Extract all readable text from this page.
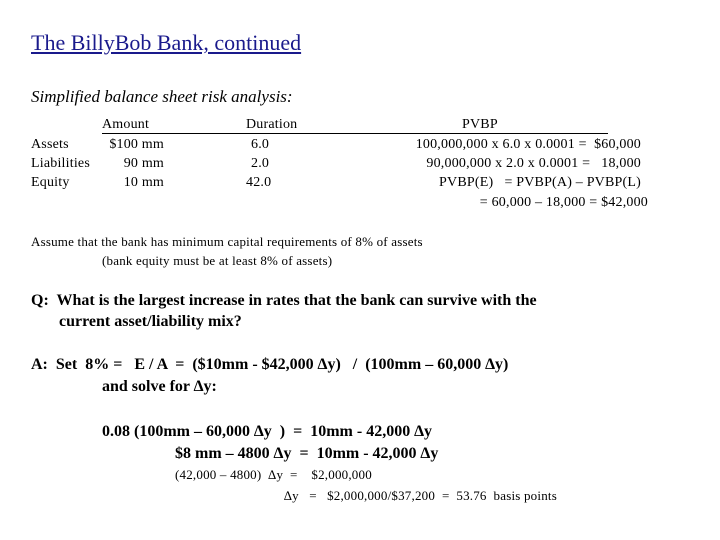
The BillyBob Bank, continued
Simplified balance sheet risk analysis:
Amount	Duration	PVBP
Assets
Liabilities
Equity
$100 mm
90 mm
10 mm
6.0
2.0
42.0
100,000,000 x 6.0 x 0.0001 =  $60,000
90,000,000 x 2.0 x 0.0001 =   18,000
PVBP(E)   = PVBP(A) – PVBP(L)
= 60,000 – 18,000 = $42,000
Assume that the bank has minimum capital requirements of 8% of assets
(bank equity must be at least 8% of assets)
Q:  What is the largest increase in rates that the bank can survive with the
current asset/liability mix?
A:  Set  8% =   E / A  =  ($10mm - $42,000 ∆y)   /  (100mm – 60,000 ∆y)
and solve for ∆y:
0.08 (100mm – 60,000 ∆y  )  =  10mm - 42,000 ∆y
$8 mm – 4800 ∆y  =  10mm - 42,000 ∆y
(42,000 – 4800)  ∆y  =    $2,000,000
∆y   =   $2,000,000/$37,200  =  53.76  basis points
